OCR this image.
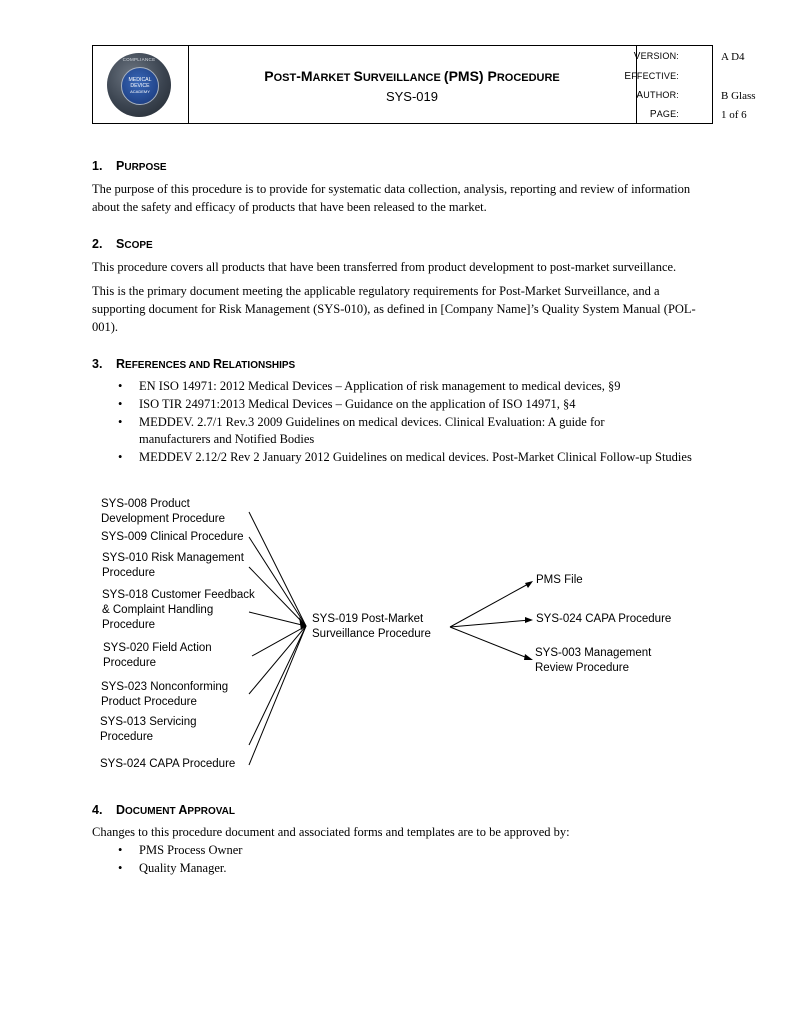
COMPLIANCE
MEDICAL
DEVICE
ACADEMY
POST-MARKET SURVEILLANCE (PMS) PROCEDURE
SYS-019
VERSION:	A D4
EFFECTIVE:
AUTHOR:	B Glass
PAGE:	1 of 6
1. PURPOSE
The purpose of this procedure is to provide for systematic data collection, analysis, reporting and review of information about the safety and efficacy of products that have been released to the market.
2. SCOPE
This procedure covers all products that have been transferred from product development to post-market surveillance.
This is the primary document meeting the applicable regulatory requirements for Post-Market Surveillance, and a supporting document for Risk Management (SYS-010), as defined in [Company Name]’s Quality System Manual (POL-001).
3. REFERENCES AND RELATIONSHIPS
• EN ISO 14971: 2012 Medical Devices – Application of risk management to medical devices, §9
• ISO TIR 24971:2013 Medical Devices – Guidance on the application of ISO 14971, §4
• MEDDEV. 2.7/1 Rev.3 2009 Guidelines on medical devices. Clinical Evaluation: A guide for manufacturers and Notified Bodies
• MEDDEV 2.12/2 Rev 2 January 2012 Guidelines on medical devices. Post-Market Clinical Follow-up Studies
SYS-008 Product
Development Procedure
SYS-009 Clinical Procedure
SYS-010 Risk Management
Procedure
SYS-018 Customer Feedback
& Complaint Handling
Procedure
SYS-020 Field Action
Procedure
SYS-023 Nonconforming
Product Procedure
SYS-013 Servicing
Procedure
SYS-024 CAPA Procedure
SYS-019 Post-Market
Surveillance Procedure
PMS File
SYS-024 CAPA Procedure
SYS-003 Management
Review Procedure
4. DOCUMENT APPROVAL
Changes to this procedure document and associated forms and templates are to be approved by:
• PMS Process Owner
• Quality Manager.
